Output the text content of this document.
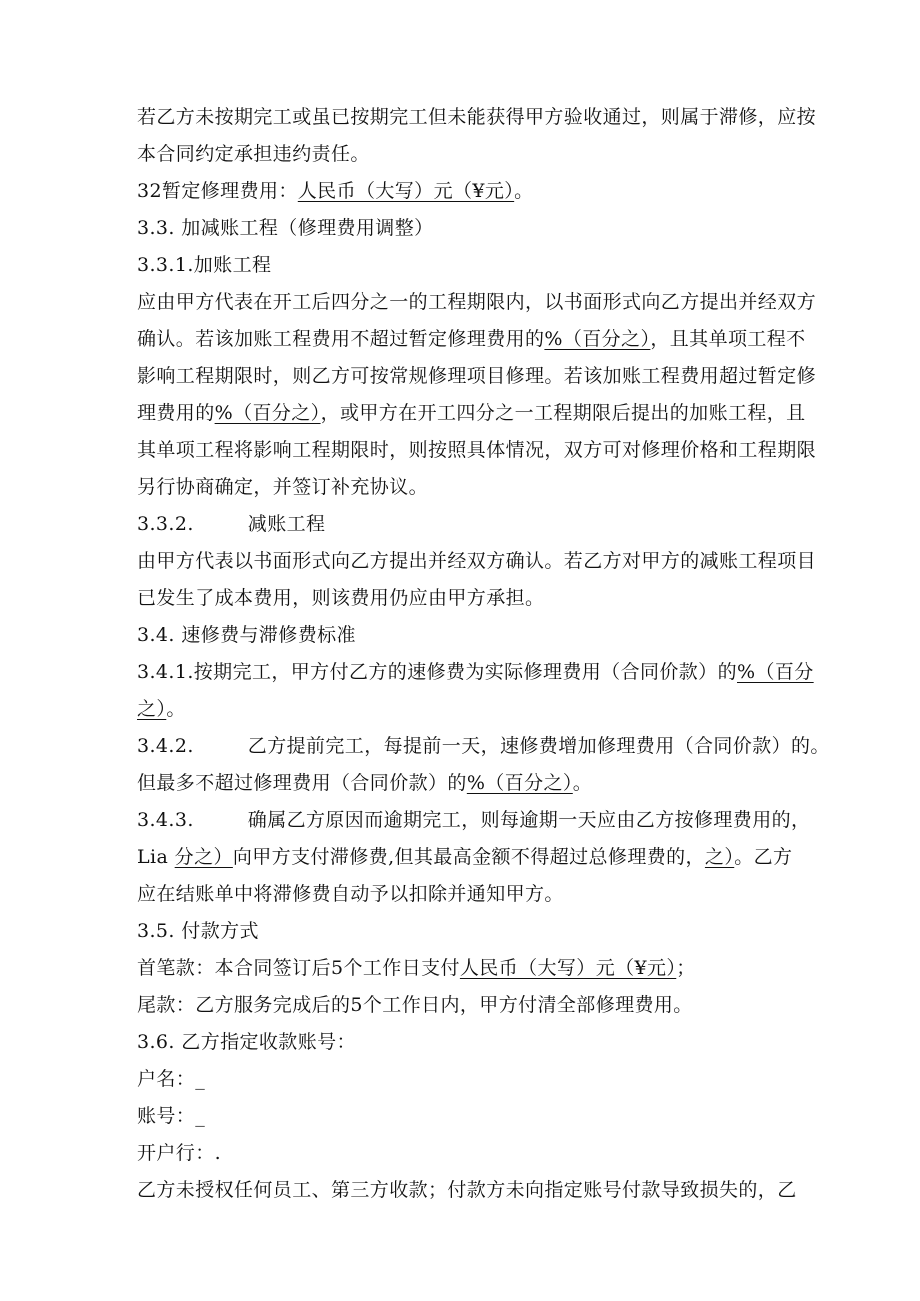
若乙方未按期完工或虽已按期完工但未能获得甲方验收通过，则属于滞修，应按
本合同约定承担违约责任。
32暂定修理费用：人民币（大写）元（¥元）。
3.3. 加减账工程（修理费用调整）
3.3.1.加账工程
应由甲方代表在开工后四分之一的工程期限内，以书面形式向乙方提出并经双方
确认。若该加账工程费用不超过暂定修理费用的%（百分之），且其单项工程不
影响工程期限时，则乙方可按常规修理项目修理。若该加账工程费用超过暂定修
理费用的%（百分之），或甲方在开工四分之一工程期限后提出的加账工程，且
其单项工程将影响工程期限时，则按照具体情况，双方可对修理价格和工程期限
另行协商确定，并签订补充协议。
3.3.2.	减账工程
由甲方代表以书面形式向乙方提出并经双方确认。若乙方对甲方的减账工程项目
已发生了成本费用，则该费用仍应由甲方承担。
3.4. 速修费与滞修费标准
3.4.1.按期完工，甲方付乙方的速修费为实际修理费用（合同价款）的%（百分
之）。
3.4.2.	乙方提前完工，每提前一天，速修费增加修理费用（合同价款）的。
但最多不超过修理费用（合同价款）的%（百分之）。
3.4.3.	确属乙方原因而逾期完工，则每逾期一天应由乙方按修理费用的，
Lia 分之）向甲方支付滞修费,但其最高金额不得超过总修理费的，之）。乙方
应在结账单中将滞修费自动予以扣除并通知甲方。
3.5. 付款方式
首笔款：本合同签订后5个工作日支付人民币（大写）元（¥元）；
尾款：乙方服务完成后的5个工作日内，甲方付清全部修理费用。
3.6. 乙方指定收款账号：
户名：_
账号：_
开户行：.
乙方未授权任何员工、第三方收款；付款方未向指定账号付款导致损失的，乙
